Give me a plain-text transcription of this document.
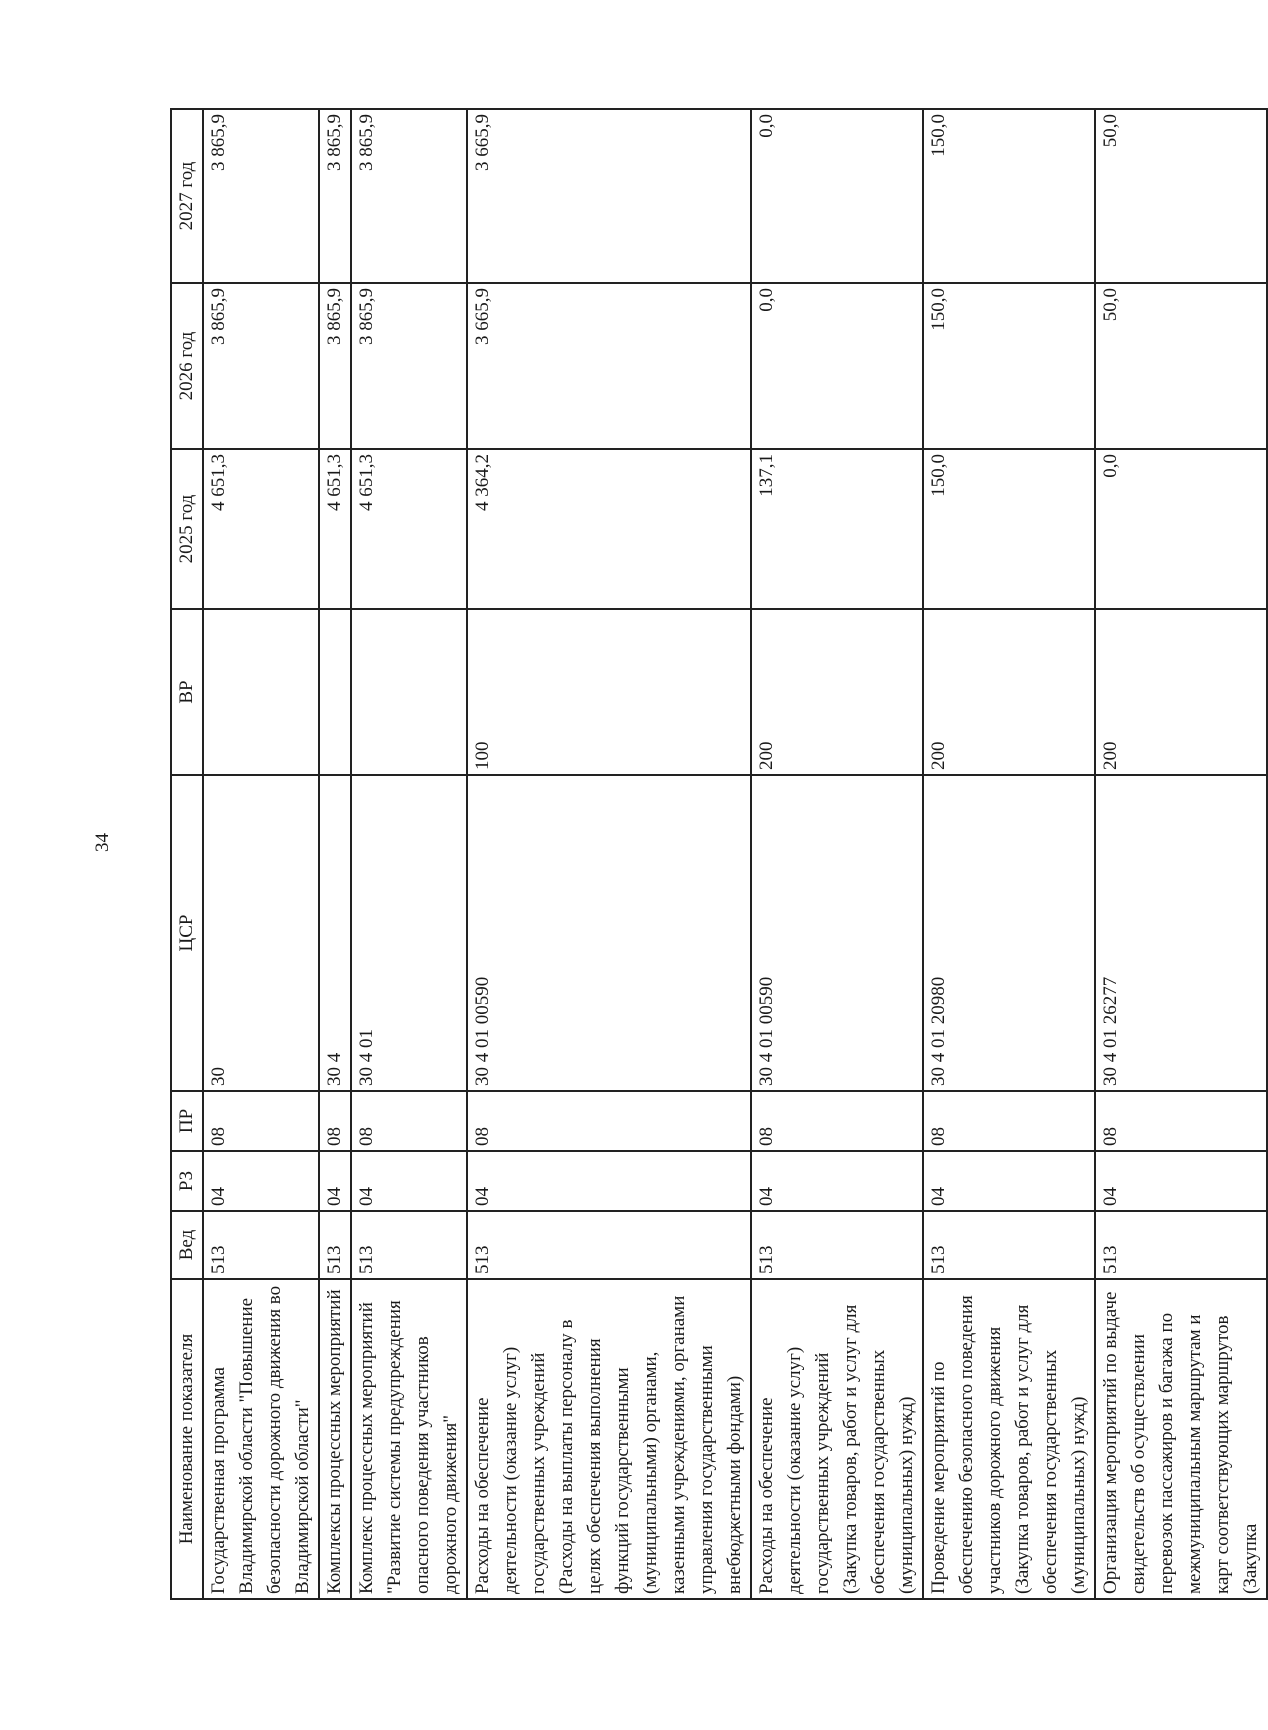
34
Наименование показателя	Вед	РЗ	ПР	ЦСР	ВР	2025 год	2026 год	2027 год
Государственная программа Владимирской области "Повышение безопасности дорожного движения во Владимирской области"	513	04	08	30		4 651,3	3 865,9	3 865,9
Комплексы процессных мероприятий	513	04	08	30 4		4 651,3	3 865,9	3 865,9
Комплекс процессных мероприятий "Развитие системы предупреждения опасного поведения участников дорожного движения"	513	04	08	30 4 01		4 651,3	3 865,9	3 865,9
Расходы на обеспечение деятельности (оказание услуг) государственных учреждений (Расходы на выплаты персоналу в целях обеспечения выполнения функций государственными (муниципальными) органами, казенными учреждениями, органами управления государственными внебюджетными фондами)	513	04	08	30 4 01 00590	100	4 364,2	3 665,9	3 665,9
Расходы на обеспечение деятельности (оказание услуг) государственных учреждений (Закупка товаров, работ и услуг для обеспечения государственных (муниципальных) нужд)	513	04	08	30 4 01 00590	200	137,1	0,0	0,0
Проведение мероприятий по обеспечению безопасного поведения участников дорожного движения (Закупка товаров, работ и услуг для обеспечения государственных (муниципальных) нужд)	513	04	08	30 4 01 20980	200	150,0	150,0	150,0
Организация мероприятий по выдаче свидетельств об осуществлении перевозок пассажиров и багажа по межмуниципальным маршрутам и карт соответствующих маршрутов (Закупка	513	04	08	30 4 01 26277	200	0,0	50,0	50,0
